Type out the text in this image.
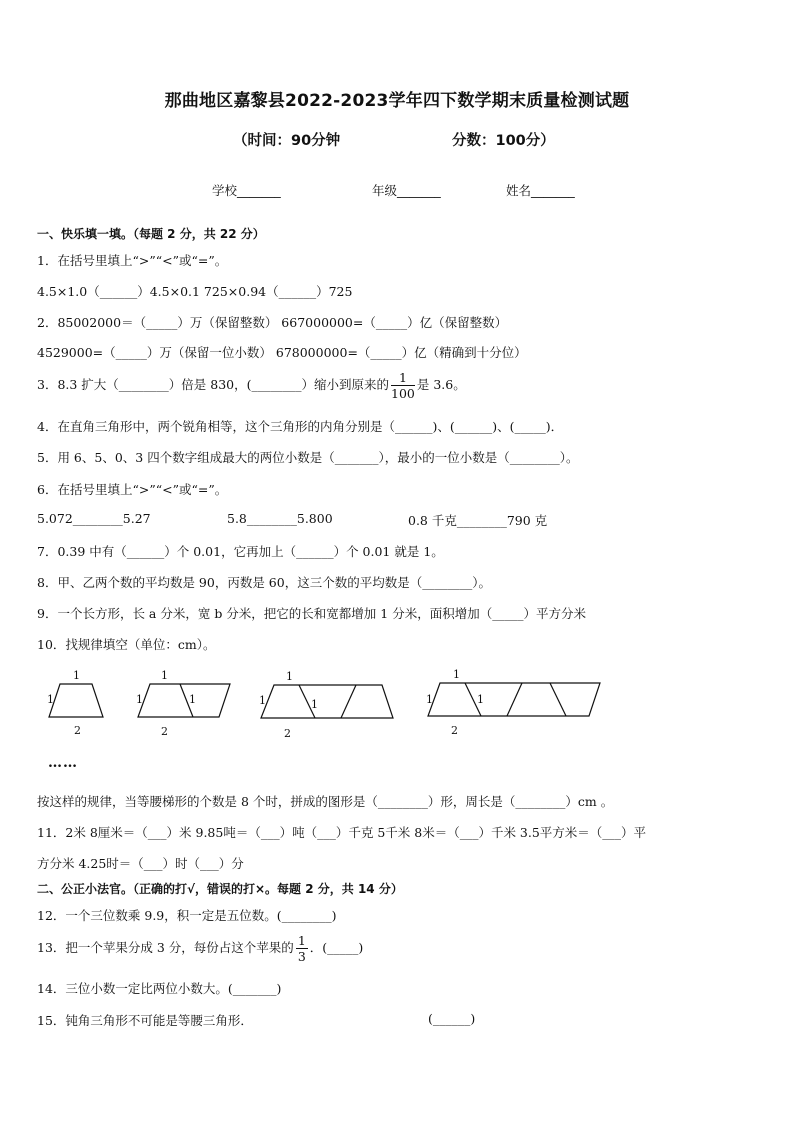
那曲地区嘉黎县2022-2023学年四下数学期末质量检测试题
（时间：90分钟	分数：100分）
学校_______	年级_______	姓名_______
一、快乐填一填。（每题 2 分，共 22 分）
1．在括号里填上“>”“<”或“=”。
4.5×1.0（______）4.5×0.1 725×0.94（______）725
2．85002000＝（_____）万（保留整数） 667000000=（_____）亿（保留整数）
4529000=（_____）万（保留一位小数） 678000000=（_____）亿（精确到十分位）
3．8.3 扩大（________）倍是 830，(________）缩小到原来的 $\frac{1}{100}$ 是 3.6。
4．在直角三角形中，两个锐角相等，这个三角形的内角分别是（______)、(______)、(_____)．
5．用 6、5、0、3 四个数字组成最大的两位小数是（_______），最小的一位小数是（________）。
6．在括号里填上“>”“<”或“=”。
5.072________5.27	5.8________5.800	0.8 千克________790 克
7．0.39 中有（______）个 0.01，它再加上（______）个 0.01 就是 1。
8．甲、乙两个数的平均数是 90，丙数是 60，这三个数的平均数是（________）。
9．一个长方形，长 a 分米，宽 b 分米，把它的长和宽都增加 1 分米，面积增加（_____）平方分米
10．找规律填空（单位：cm）。
1
1
2
1
1	1
2
1
1	1
2
1
1	1
2
……
按这样的规律，当等腰梯形的个数是 8 个时，拼成的图形是（________）形，周长是（________）cm 。
11．2米 8厘米＝（___）米 9.85吨＝（___）吨（___）千克 5千米 8米＝（___）千米 3.5平方米＝（___）平
方分米 4.25时＝（___）时（___）分
二、公正小法官。（正确的打√，错误的打×。每题 2 分，共 14 分）
12．一个三位数乘 9.9，积一定是五位数。(________)
13．把一个苹果分成 3 分，每份占这个苹果的 $\frac{1}{3}$ ．(_____)
14．三位小数一定比两位小数大。(_______)
15．钝角三角形不可能是等腰三角形．	(______)
